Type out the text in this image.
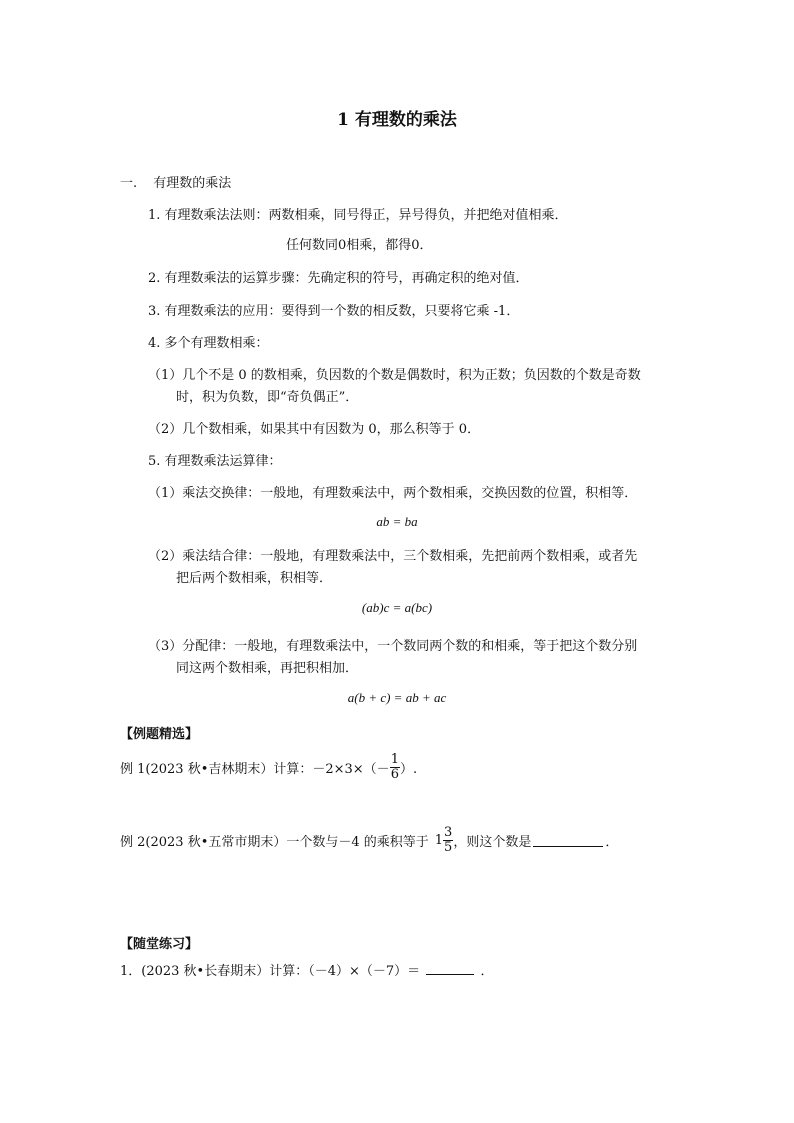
1 有理数的乘法
一. 有理数的乘法
1. 有理数乘法法则：两数相乘，同号得正，异号得负，并把绝对值相乘．
任何数同0相乘，都得0．
2. 有理数乘法的运算步骤：先确定积的符号，再确定积的绝对值．
3. 有理数乘法的应用：要得到一个数的相反数，只要将它乘 -1．
4. 多个有理数相乘：
（1）几个不是 0 的数相乘，负因数的个数是偶数时，积为正数；负因数的个数是奇数
时，积为负数，即“奇负偶正”．
（2）几个数相乘，如果其中有因数为 0，那么积等于 0．
5. 有理数乘法运算律：
（1）乘法交换律：一般地，有理数乘法中，两个数相乘，交换因数的位置，积相等．
ab = ba
（2）乘法结合律：一般地，有理数乘法中，三个数相乘，先把前两个数相乘，或者先
把后两个数相乘，积相等．
(ab)c = a(bc)
（3）分配律：一般地，有理数乘法中，一个数同两个数的和相乘，等于把这个数分别
同这两个数相乘，再把积相加．
a(b + c) = ab + ac
【例题精选】
例 1(2023 秋•吉林期末）计算：$-2\times 3\times(- \frac{1}{6}$ ）.
例 2(2023 秋•五常市期末）一个数与－4 的乘积等于 $1 \frac{3}{5}$ ，则这个数是	．
【随堂练习】
1．(2023 秋•长春期末）计算：（－4）×（－7）＝	．
